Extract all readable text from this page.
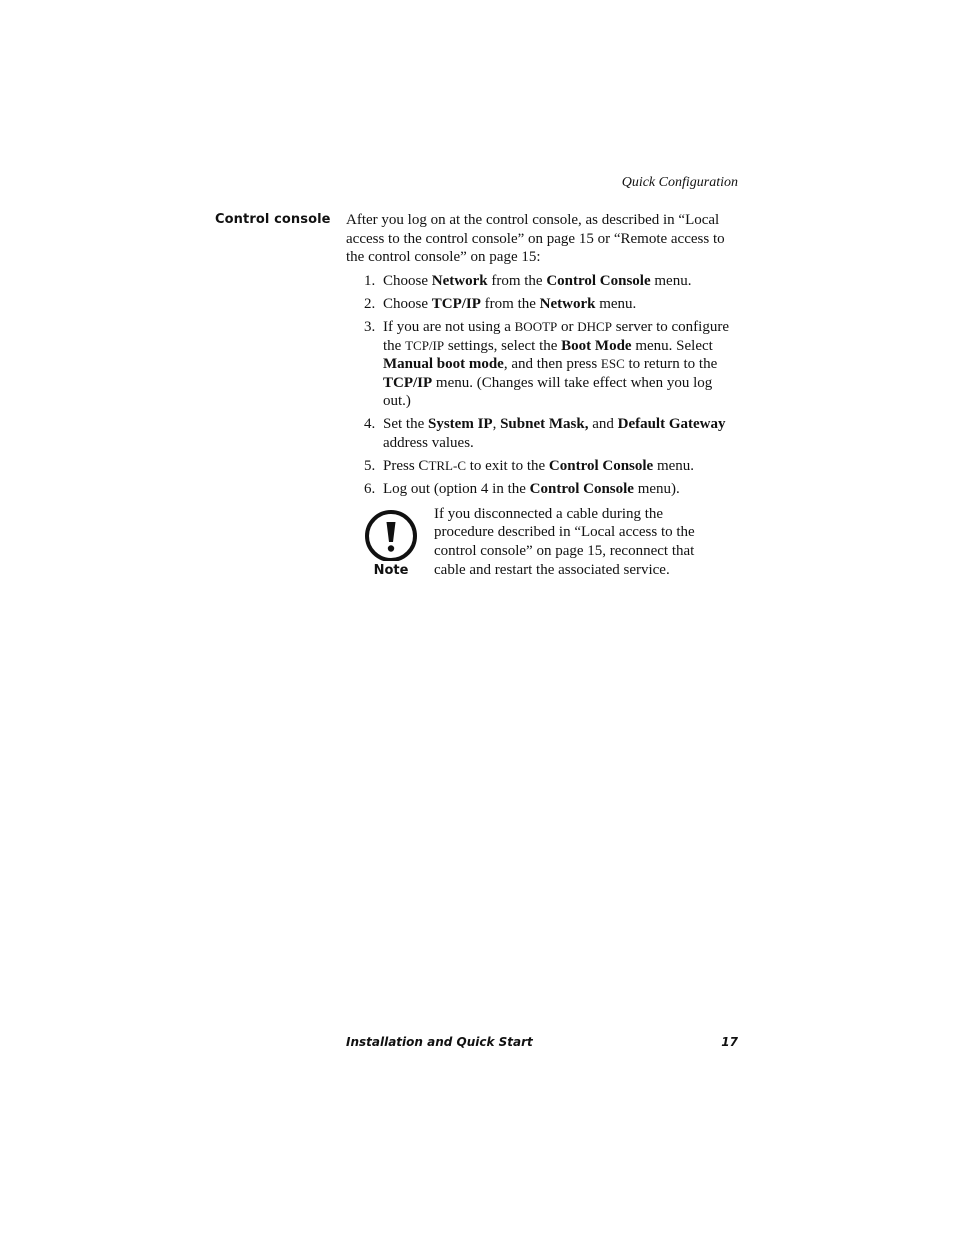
Quick Configuration
Control console After you log on at the control console, as described in “Local access to the control console” on page 15 or “Remote access to the control console” on page 15:

1. Choose Network from the Control Console menu.
2. Choose TCP/IP from the Network menu.
3. If you are not using a BOOTP or DHCP server to configure the TCP/IP settings, select the Boot Mode menu. Select Manual boot mode, and then press ESC to return to the TCP/IP menu. (Changes will take effect when you log out.)
4. Set the System IP, Subnet Mask, and Default Gateway address values.
5. Press CTRL-C to exit to the Control Console menu.
6. Log out (option 4 in the Control Console menu).
Note

If you disconnected a cable during the procedure described in “Local access to the control console” on page 15, reconnect that cable and restart the associated service.

Installation and Quick Start	17
